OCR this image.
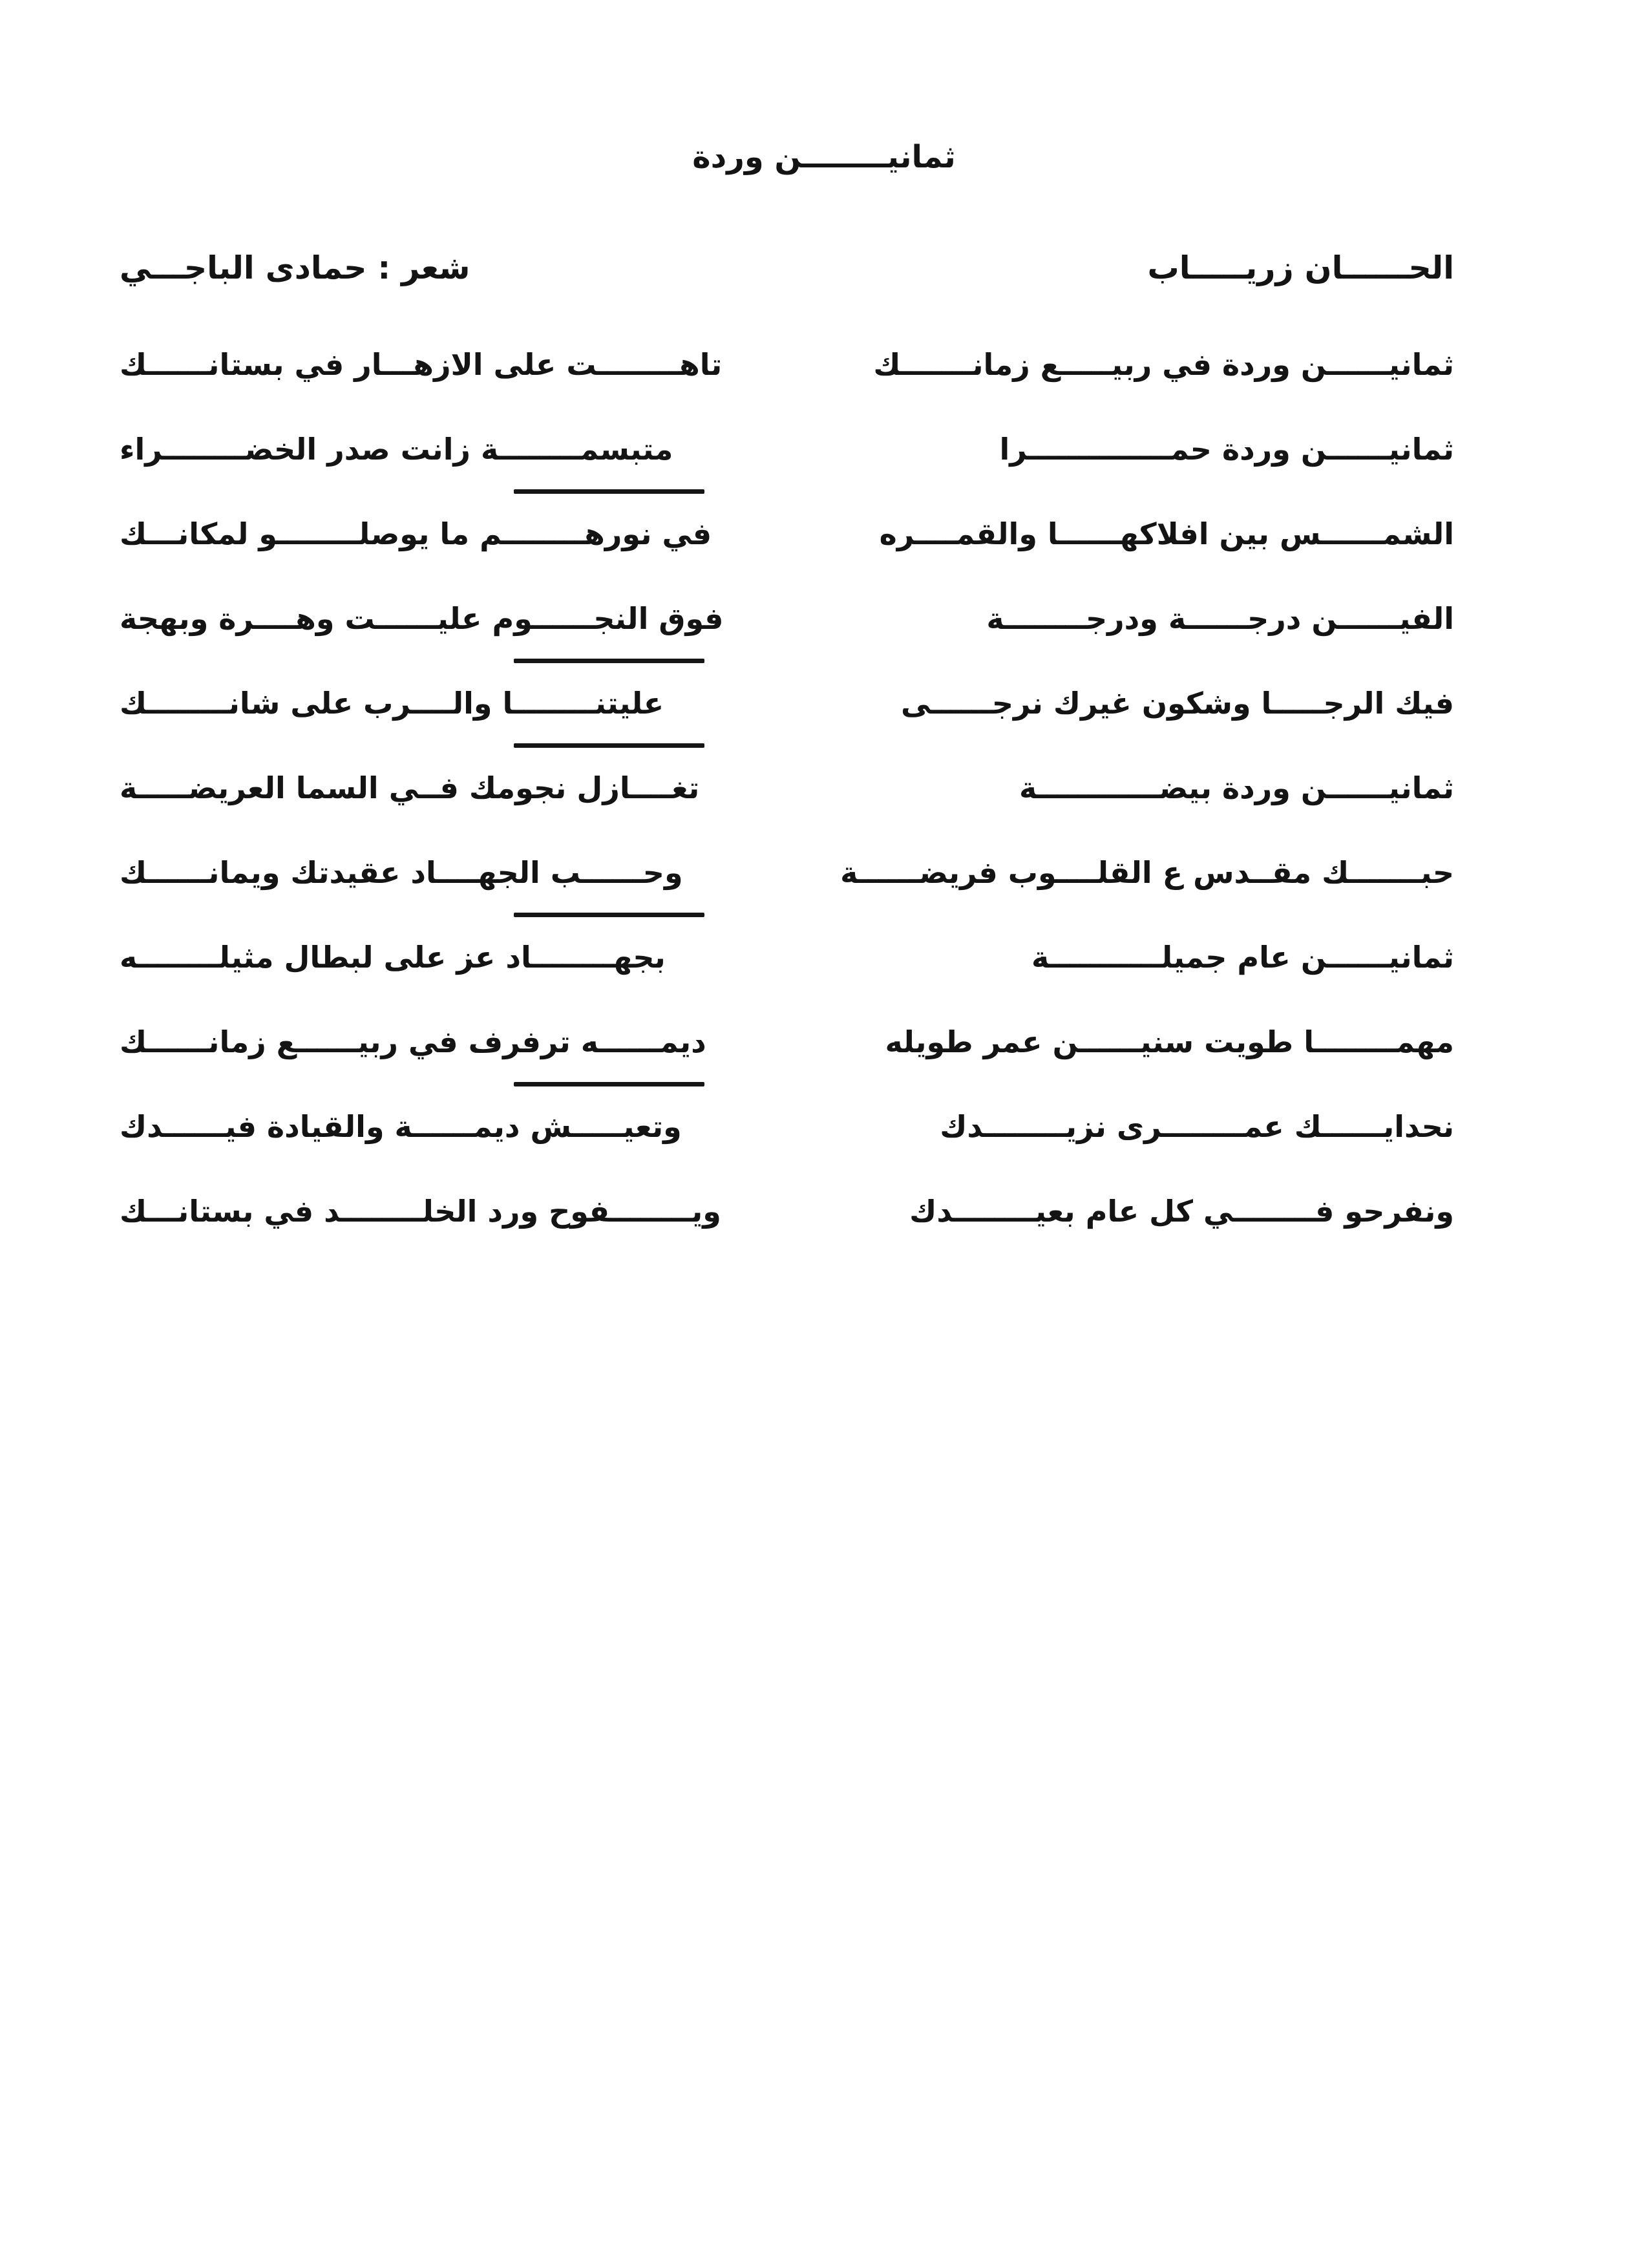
ثمانيــــــــن وردة
الحــــــان زريـــــاب
شعر : حمادى الباجـــي
ثمانيــــــن وردة في ربيـــــع زمانـــــــك
تاهــــــــت على الازهـــار في بستانــــــك
ثمانيــــــن وردة حمــــــــــــــرا
متبسمــــــــة زانت صدر الخضــــــــراء
الشمــــــس بين افلاكهــــــا والقمــــره
في نورهــــــــم ما يوصلــــــــو لمكانـــك
الفيــــــن درجــــــة ودرجــــــــة
فوق النجــــــوم عليــــــت وهــــرة وبهجة
فيك الرجـــــا وشكون غيرك نرجــــــى
عليتنــــــــا والــــرب على شانــــــــك
ثمانيــــــن وردة بيضــــــــــــة
تغــــازل نجومك فــي السما العريضـــــة
حبـــــــك مقــدس ع القلــــوب فريضــــــة
وحــــــب الجهــــاد عقيدتك ويمانــــــك
ثمانيــــــن عام جميلـــــــــــة
بجهــــــــاد عز على لبطال مثيلــــــــه
مهمــــــــا طويت سنيــــــن عمر طويله
ديمــــــه ترفرف في ربيــــــع زمانــــــك
نحدايــــــك عمــــــــرى نزيــــــــدك
وتعيـــــش ديمــــــة والقيادة فيــــــدك
ونفرحو فــــــــي كل عام بعيــــــــدك
ويــــــــفوح ورد الخلــــــــد في بستانـــك
